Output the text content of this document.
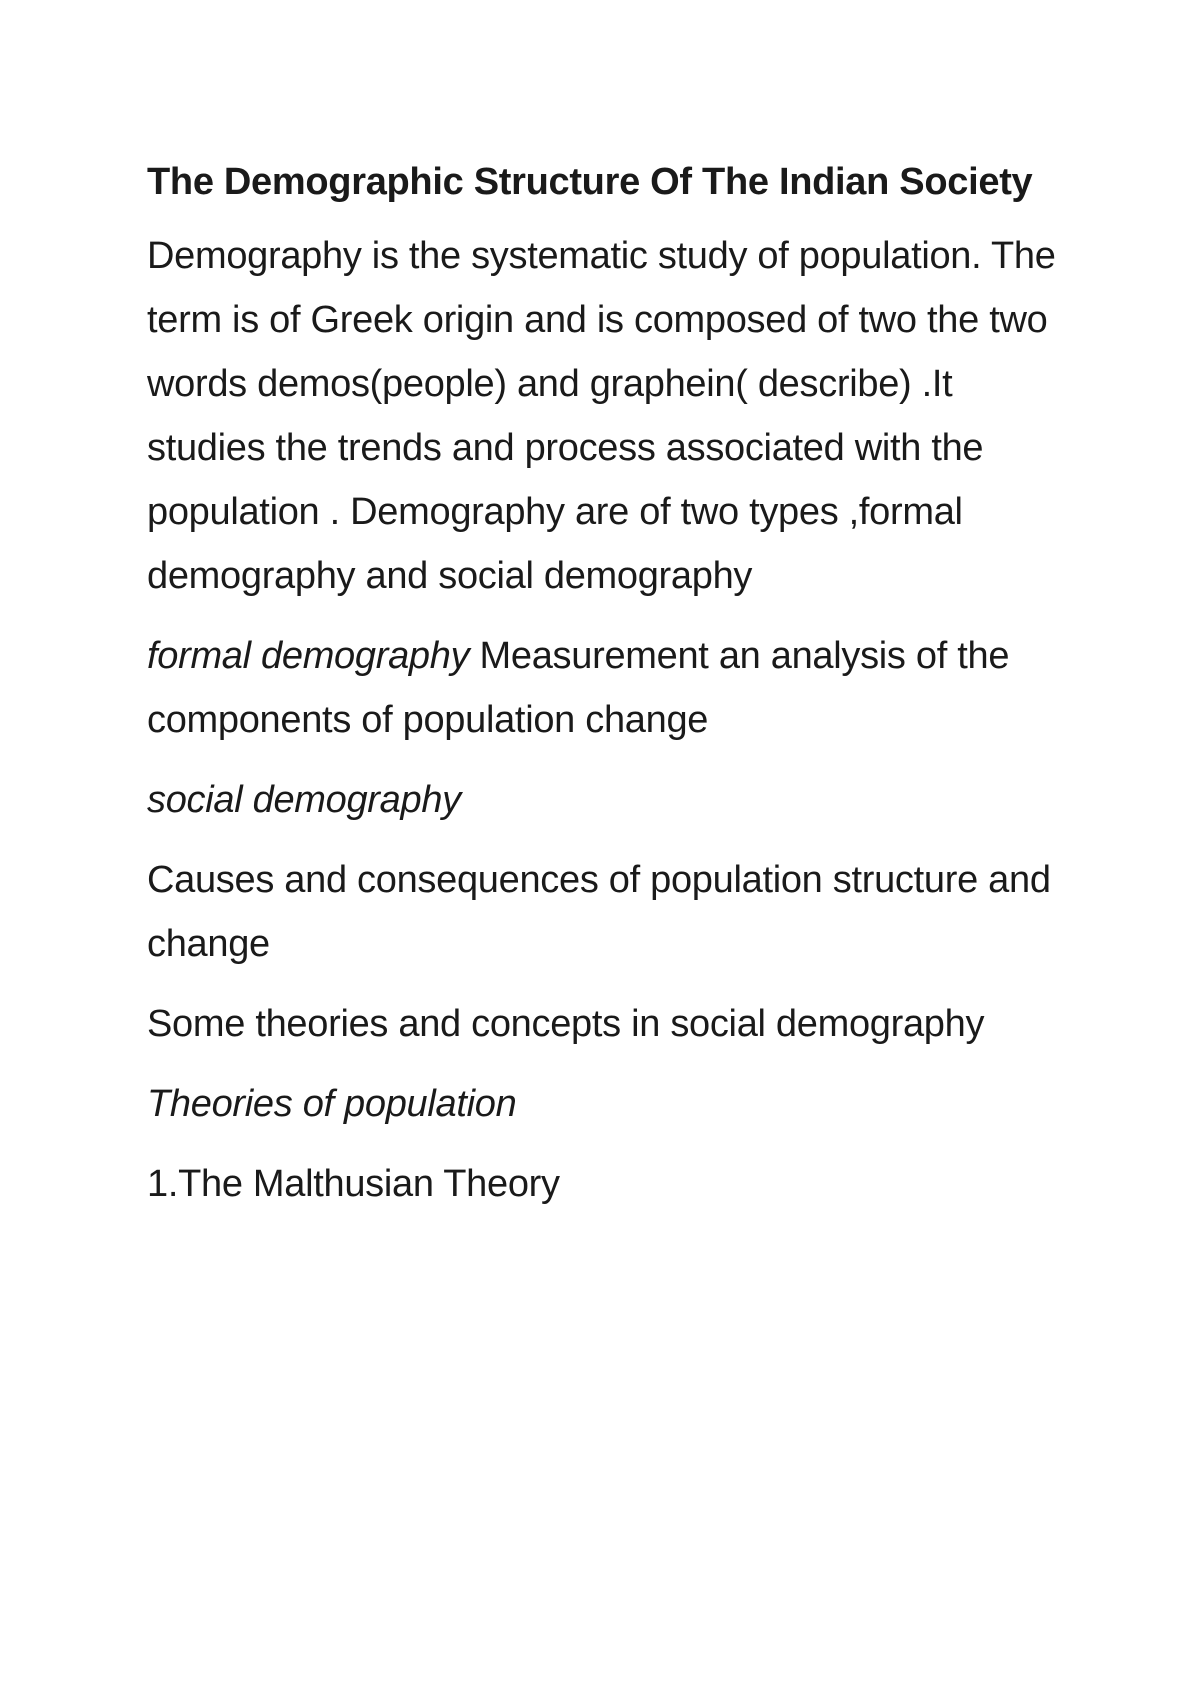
The Demographic Structure Of The Indian Society
Demography is the systematic study of population. The term is of Greek origin and is composed of two the two words demos(people) and graphein( describe) .It studies the trends and process associated with the population . Demography are of two types ,formal demography and social demography
formal demography Measurement an analysis of the components of population change
social demography
Causes and consequences of population structure and change
Some theories and concepts in social demography
Theories of population
1.The Malthusian Theory
